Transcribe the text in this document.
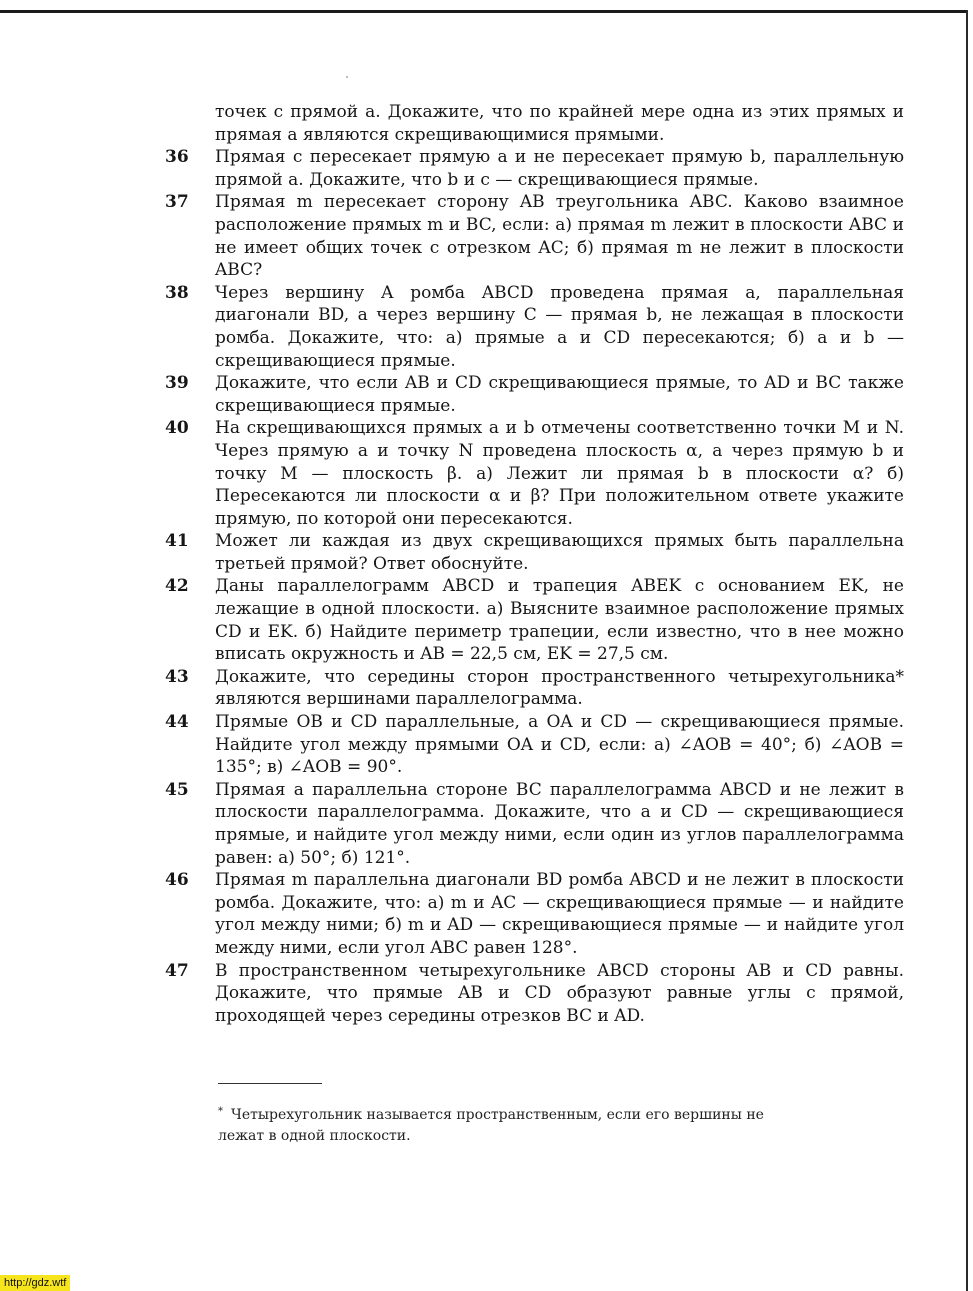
точек с прямой a. Докажите, что по крайней мере одна из этих прямых и прямая a являются скрещивающимися прямыми.
36	Прямая c пересекает прямую a и не пересекает прямую b, параллельную прямой a. Докажите, что b и c — скрещивающиеся прямые.
37	Прямая m пересекает сторону AB треугольника ABC. Каково взаимное расположение прямых m и BC, если: а) прямая m лежит в плоскости ABC и не имеет общих точек с отрезком AC; б) прямая m не лежит в плоскости ABC?
38	Через вершину A ромба ABCD проведена прямая a, параллельная диагонали BD, а через вершину C — прямая b, не лежащая в плоскости ромба. Докажите, что: а) прямые a и CD пересекаются; б) a и b — скрещивающиеся прямые.
39	Докажите, что если AB и CD скрещивающиеся прямые, то AD и BC также скрещивающиеся прямые.
40	На скрещивающихся прямых a и b отмечены соответственно точки M и N. Через прямую a и точку N проведена плоскость α, а через прямую b и точку M — плоскость β. а) Лежит ли прямая b в плоскости α? б) Пересекаются ли плоскости α и β? При положительном ответе укажите прямую, по которой они пересекаются.
41	Может ли каждая из двух скрещивающихся прямых быть параллельна третьей прямой? Ответ обоснуйте.
42	Даны параллелограмм ABCD и трапеция ABEK с основанием EK, не лежащие в одной плоскости. а) Выясните взаимное расположение прямых CD и EK. б) Найдите периметр трапеции, если известно, что в нее можно вписать окружность и AB = 22,5 см, EK = 27,5 см.
43	Докажите, что середины сторон пространственного четырехугольника* являются вершинами параллелограмма.
44	Прямые OB и CD параллельные, а OA и CD — скрещивающиеся прямые. Найдите угол между прямыми OA и CD, если: а) ∠AOB = 40°; б) ∠AOB = 135°; в) ∠AOB = 90°.
45	Прямая a параллельна стороне BC параллелограмма ABCD и не лежит в плоскости параллелограмма. Докажите, что a и CD — скрещивающиеся прямые, и найдите угол между ними, если один из углов параллелограмма равен: а) 50°; б) 121°.
46	Прямая m параллельна диагонали BD ромба ABCD и не лежит в плоскости ромба. Докажите, что: а) m и AC — скрещивающиеся прямые — и найдите угол между ними; б) m и AD — скрещивающиеся прямые — и найдите угол между ними, если угол ABC равен 128°.
47	В пространственном четырехугольнике ABCD стороны AB и CD равны. Докажите, что прямые AB и CD образуют равные углы с прямой, проходящей через середины отрезков BC и AD.
* Четырехугольник называется пространственным, если его вершины не лежат в одной плоскости.
http://gdz.wtf
